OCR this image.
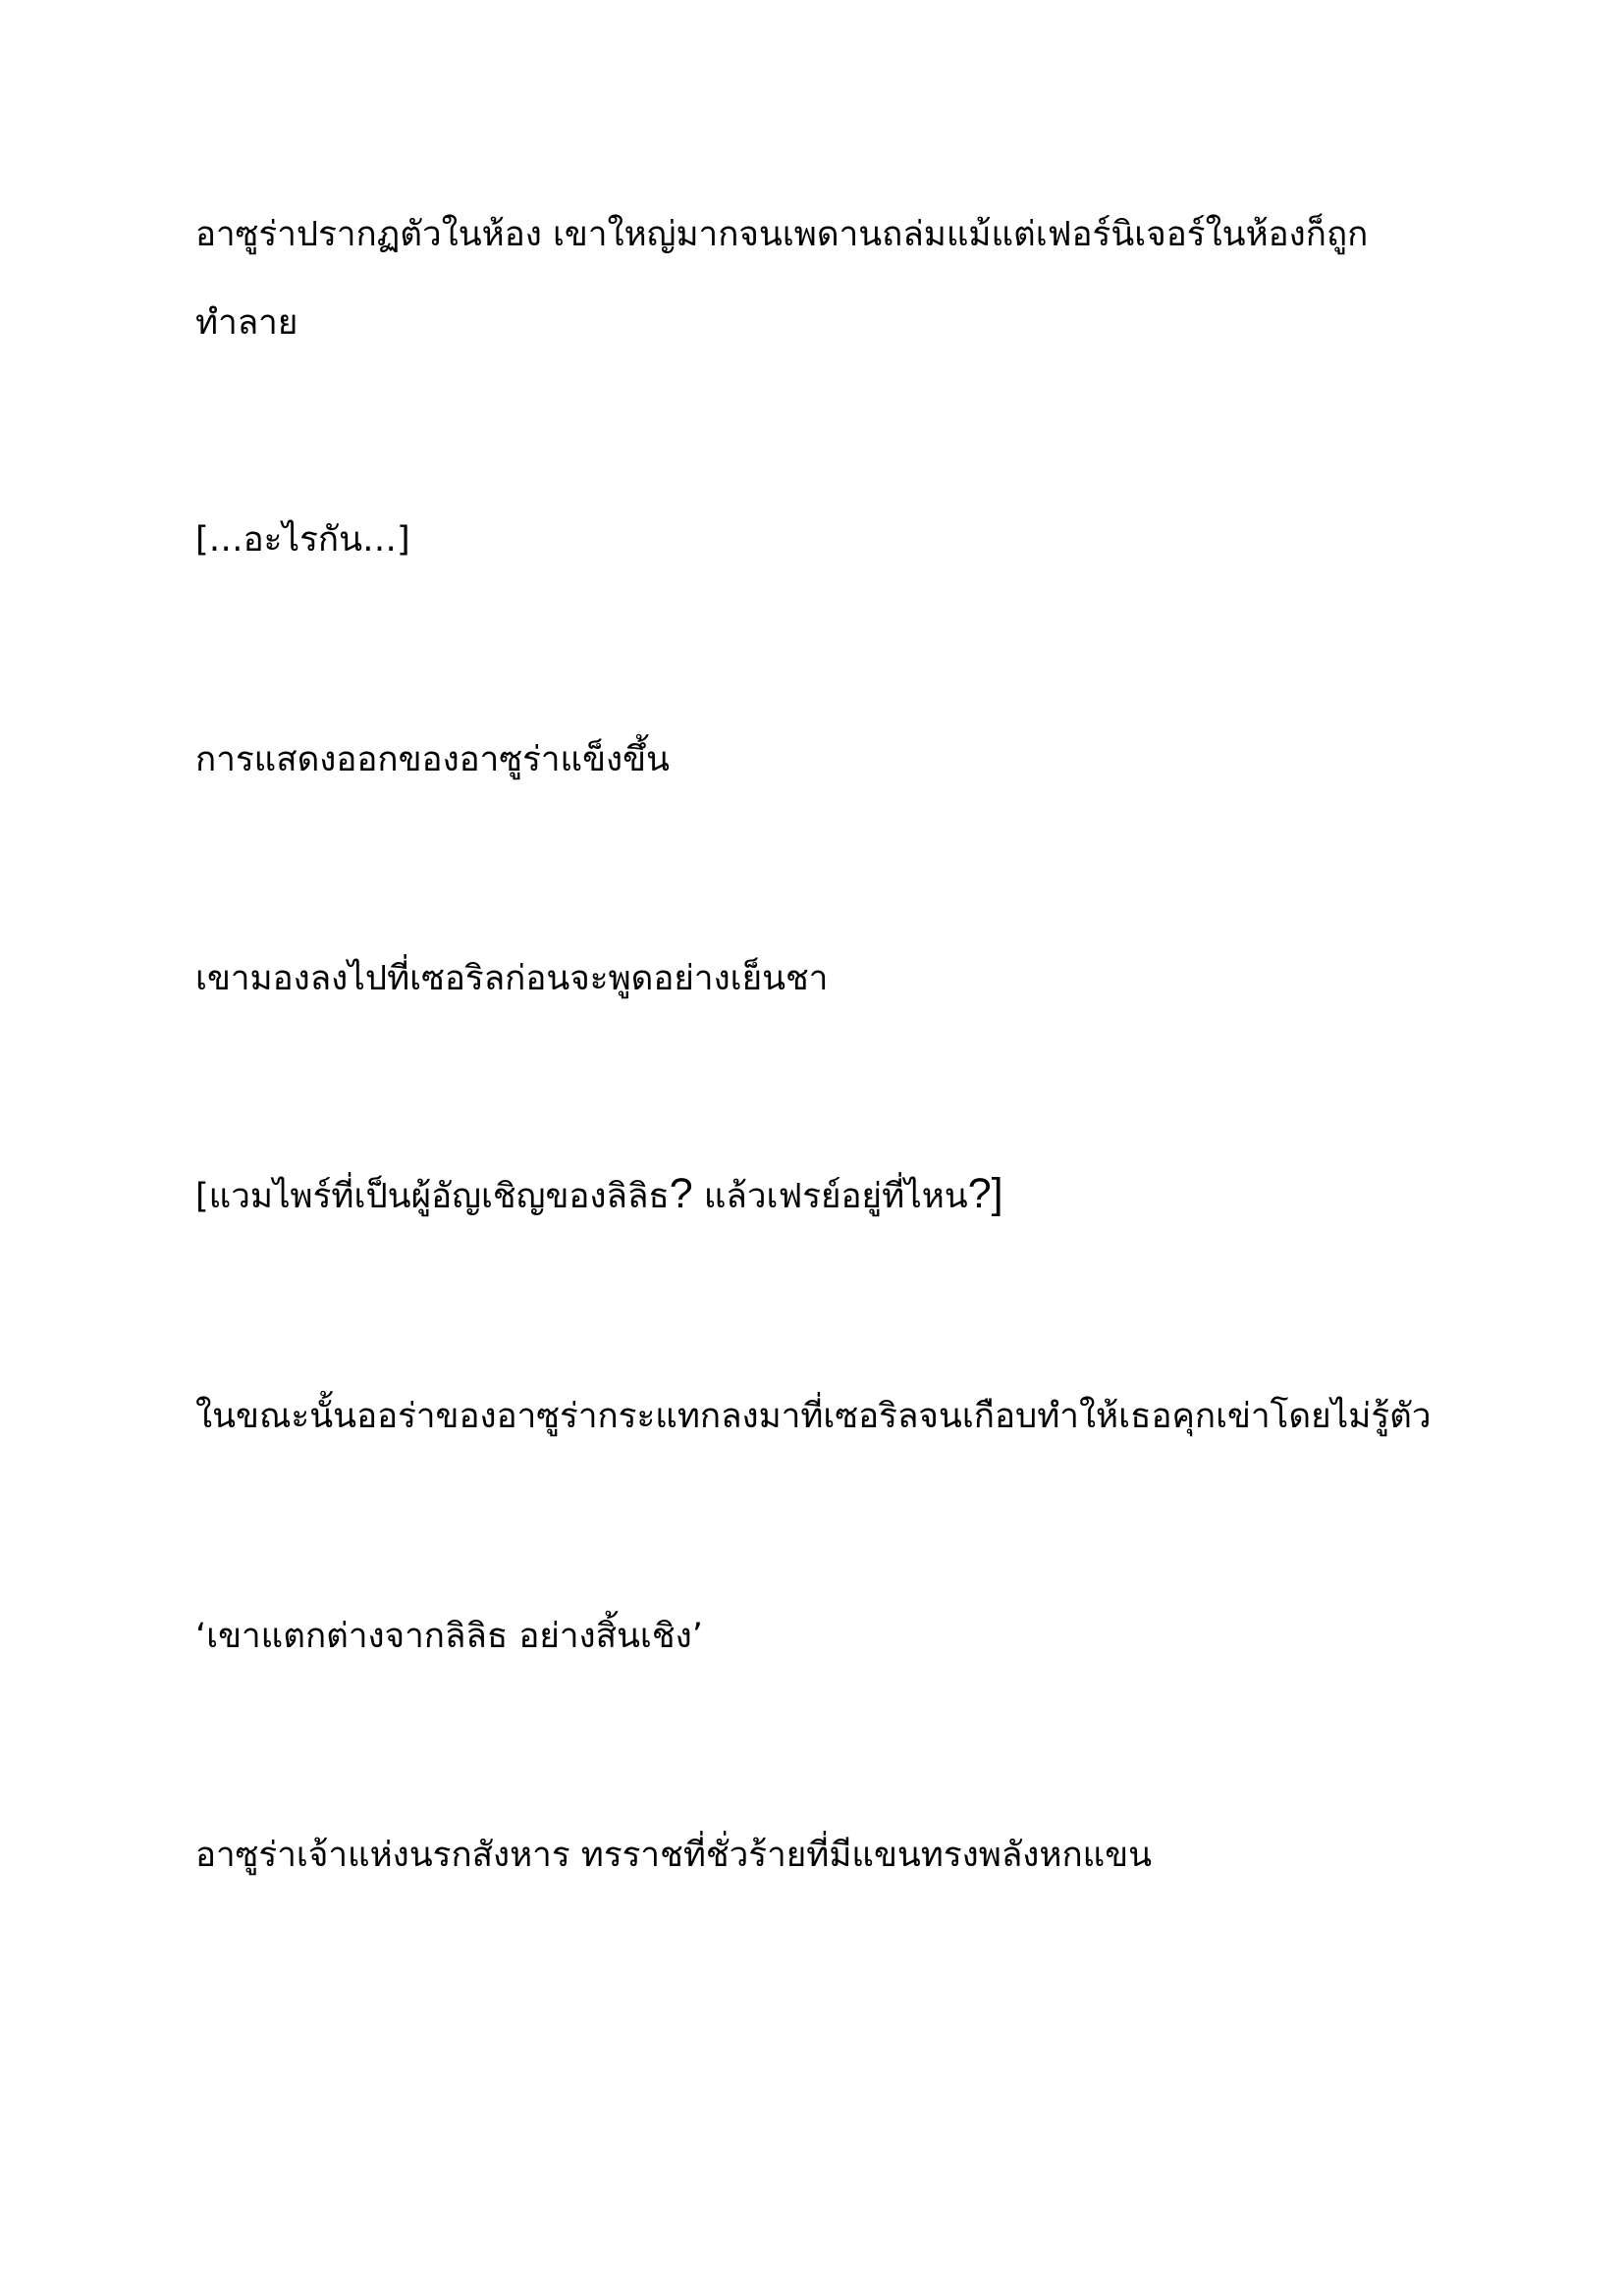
อาซูร่าปรากฏตัวในห้อง เขาใหญ่มากจนเพดานถล่มแม้แต่เฟอร์นิเจอร์ในห้องก็ถูก
ทำลาย
[…อะไรกัน…]
การแสดงออกของอาซูร่าแข็งขึ้น
เขามองลงไปที่เซอริลก่อนจะพูดอย่างเย็นชา
[แวมไพร์ที่เป็นผู้อัญเชิญของลิลิธ? แล้วเฟรย์อยู่ที่ไหน?]
ในขณะนั้นออร่าของอาซูร่ากระแทกลงมาที่เซอริลจนเกือบทำให้เธอคุกเข่าโดยไม่รู้ตัว
‘เขาแตกต่างจากลิลิธ อย่างสิ้นเชิง’
อาซูร่าเจ้าแห่งนรกสังหาร ทรราชที่ชั่วร้ายที่มีแขนทรงพลังหกแขน
